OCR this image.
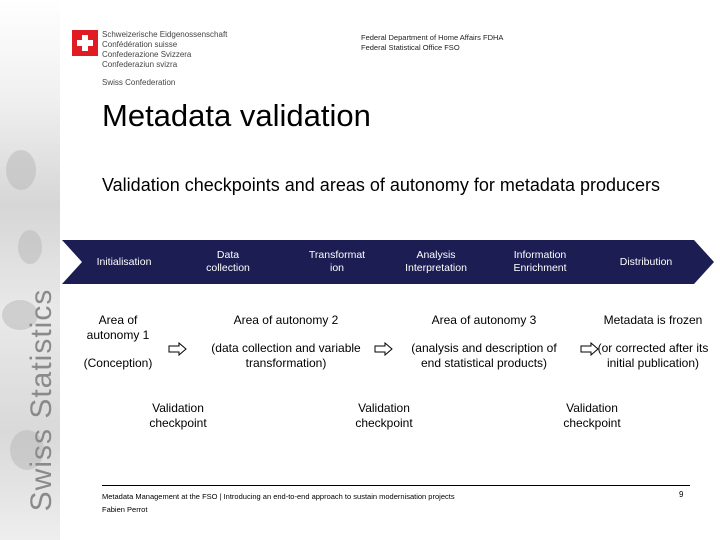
Swiss Statistics
Schweizerische Eidgenossenschaft
Confédération suisse
Confederazione Svizzera
Confederaziun svizra
Swiss Confederation
Federal Department of Home Affairs FDHA
Federal Statistical Office FSO
Metadata validation
Validation checkpoints and areas of autonomy for metadata producers
Initialisation
Data collection
Transformat ion
Analysis Interpretation
Information Enrichment
Distribution
Area of autonomy 1
(Conception)
Area of autonomy 2
(data collection and variable transformation)
Area of autonomy 3
(analysis and description of end statistical products)
Metadata is frozen
(or corrected after its initial publication)
Validation checkpoint
Validation checkpoint
Validation checkpoint
Metadata Management at the FSO | Introducing an end-to-end approach to sustain modernisation projects
Fabien Perrot
9
